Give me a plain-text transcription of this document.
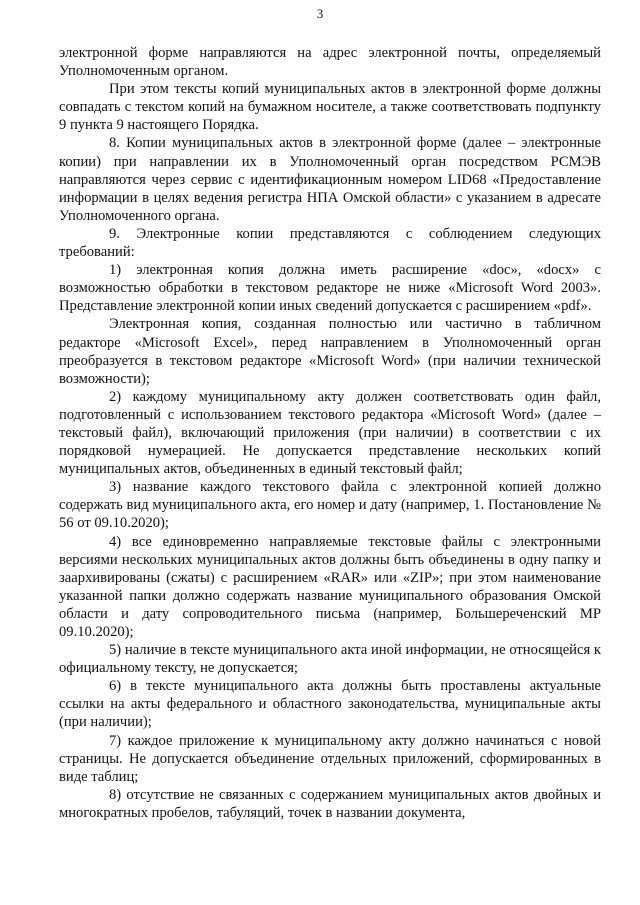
3

электронной форме направляются на адрес электронной почты, определяемый Уполномоченным органом.

При этом тексты копий муниципальных актов в электронной форме должны совпадать с текстом копий на бумажном носителе, а также соответствовать подпункту 9 пункта 9 настоящего Порядка.

8. Копии муниципальных актов в электронной форме (далее – электронные копии) при направлении их в Уполномоченный орган посредством РСМЭВ направляются через сервис с идентификационным номером LID68 «Предоставление информации в целях ведения регистра НПА Омской области» с указанием в адресате Уполномоченного органа.

9. Электронные копии представляются с соблюдением следующих требований:

1) электронная копия должна иметь расширение «doc», «docx» с возможностью обработки в текстовом редакторе не ниже «Microsoft Word 2003». Представление электронной копии иных сведений допускается с расширением «pdf».

Электронная копия, созданная полностью или частично в табличном редакторе «Microsoft Excel», перед направлением в Уполномоченный орган преобразуется в текстовом редакторе «Microsoft Word» (при наличии технической возможности);

2) каждому муниципальному акту должен соответствовать один файл, подготовленный с использованием текстового редактора «Microsoft Word» (далее – текстовый файл), включающий приложения (при наличии) в соответствии с их порядковой нумерацией. Не допускается представление нескольких копий муниципальных актов, объединенных в единый текстовый файл;

3) название каждого текстового файла с электронной копией должно содержать вид муниципального акта, его номер и дату (например, 1. Постановление № 56 от 09.10.2020);

4) все единовременно направляемые текстовые файлы с электронными версиями нескольких муниципальных актов должны быть объединены в одну папку и заархивированы (сжаты) с расширением «RAR» или «ZIP»; при этом наименование указанной папки должно содержать название муниципального образования Омской области и дату сопроводительного письма (например, Большереченский МР 09.10.2020);

5) наличие в тексте муниципального акта иной информации, не относящейся к официальному тексту, не допускается;

6) в тексте муниципального акта должны быть проставлены актуальные ссылки на акты федерального и областного законодательства, муниципальные акты (при наличии);

7) каждое приложение к муниципальному акту должно начинаться с новой страницы. Не допускается объединение отдельных приложений, сформированных в виде таблиц;

8) отсутствие не связанных с содержанием муниципальных актов двойных и многократных пробелов, табуляций, точек в названии документа,
